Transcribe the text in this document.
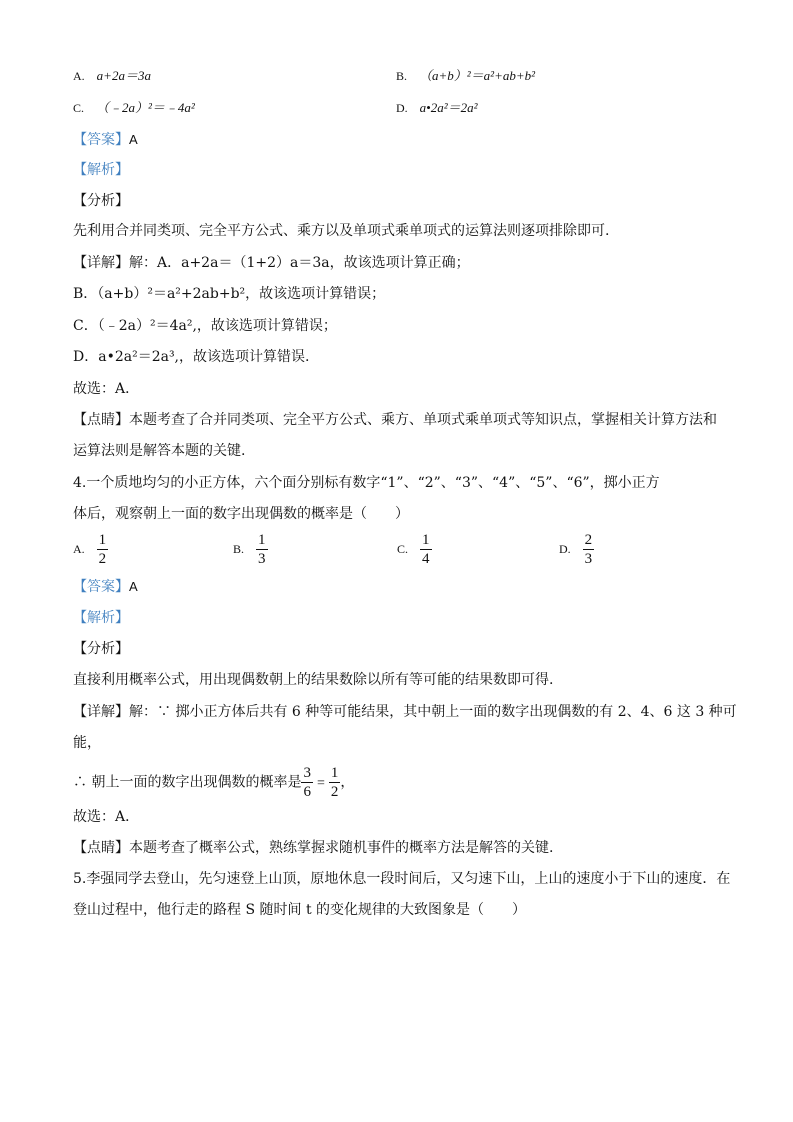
A. a+2a＝3a	B. （a+b）²＝a²+ab+b²
C. （﹣2a）²＝﹣4a²	D. a•2a²＝2a²
【答案】A
【解析】
【分析】
先利用合并同类项、完全平方公式、乘方以及单项式乘单项式的运算法则逐项排除即可.
【详解】解：A．a+2a＝（1+2）a＝3a，故该选项计算正确；
B．（a+b）²＝a²+2ab+b²，故该选项计算错误；
C．（﹣2a）²＝4a²,，故该选项计算错误；
D．a•2a²＝2a³,，故该选项计算错误.
故选：A．
【点睛】本题考查了合并同类项、完全平方公式、乘方、单项式乘单项式等知识点，掌握相关计算方法和
运算法则是解答本题的关键.
4.一个质地均匀的小正方体，六个面分别标有数字“1”、“2”、“3”、“4”、“5”、“6”，掷小正方
体后，观察朝上一面的数字出现偶数的概率是（　　）
A. $\frac{1}{2}$	B. $\frac{1}{3}$	C. $\frac{1}{4}$	D. $\frac{2}{3}$
【答案】A
【解析】
【分析】
直接利用概率公式，用出现偶数朝上的结果数除以所有等可能的结果数即可得.
【详解】解：∵ 掷小正方体后共有 6 种等可能结果，其中朝上一面的数字出现偶数的有 2、4、6 这 3 种可
能，
∴ 朝上一面的数字出现偶数的概率是 $\frac{3}{6} = \frac{1}{2}$ ，
故选：A．
【点睛】本题考查了概率公式，熟练掌握求随机事件的概率方法是解答的关键.
5.李强同学去登山，先匀速登上山顶，原地休息一段时间后，又匀速下山，上山的速度小于下山的速度．在
登山过程中，他行走的路程 S 随时间 t 的变化规律的大致图象是（　　）
